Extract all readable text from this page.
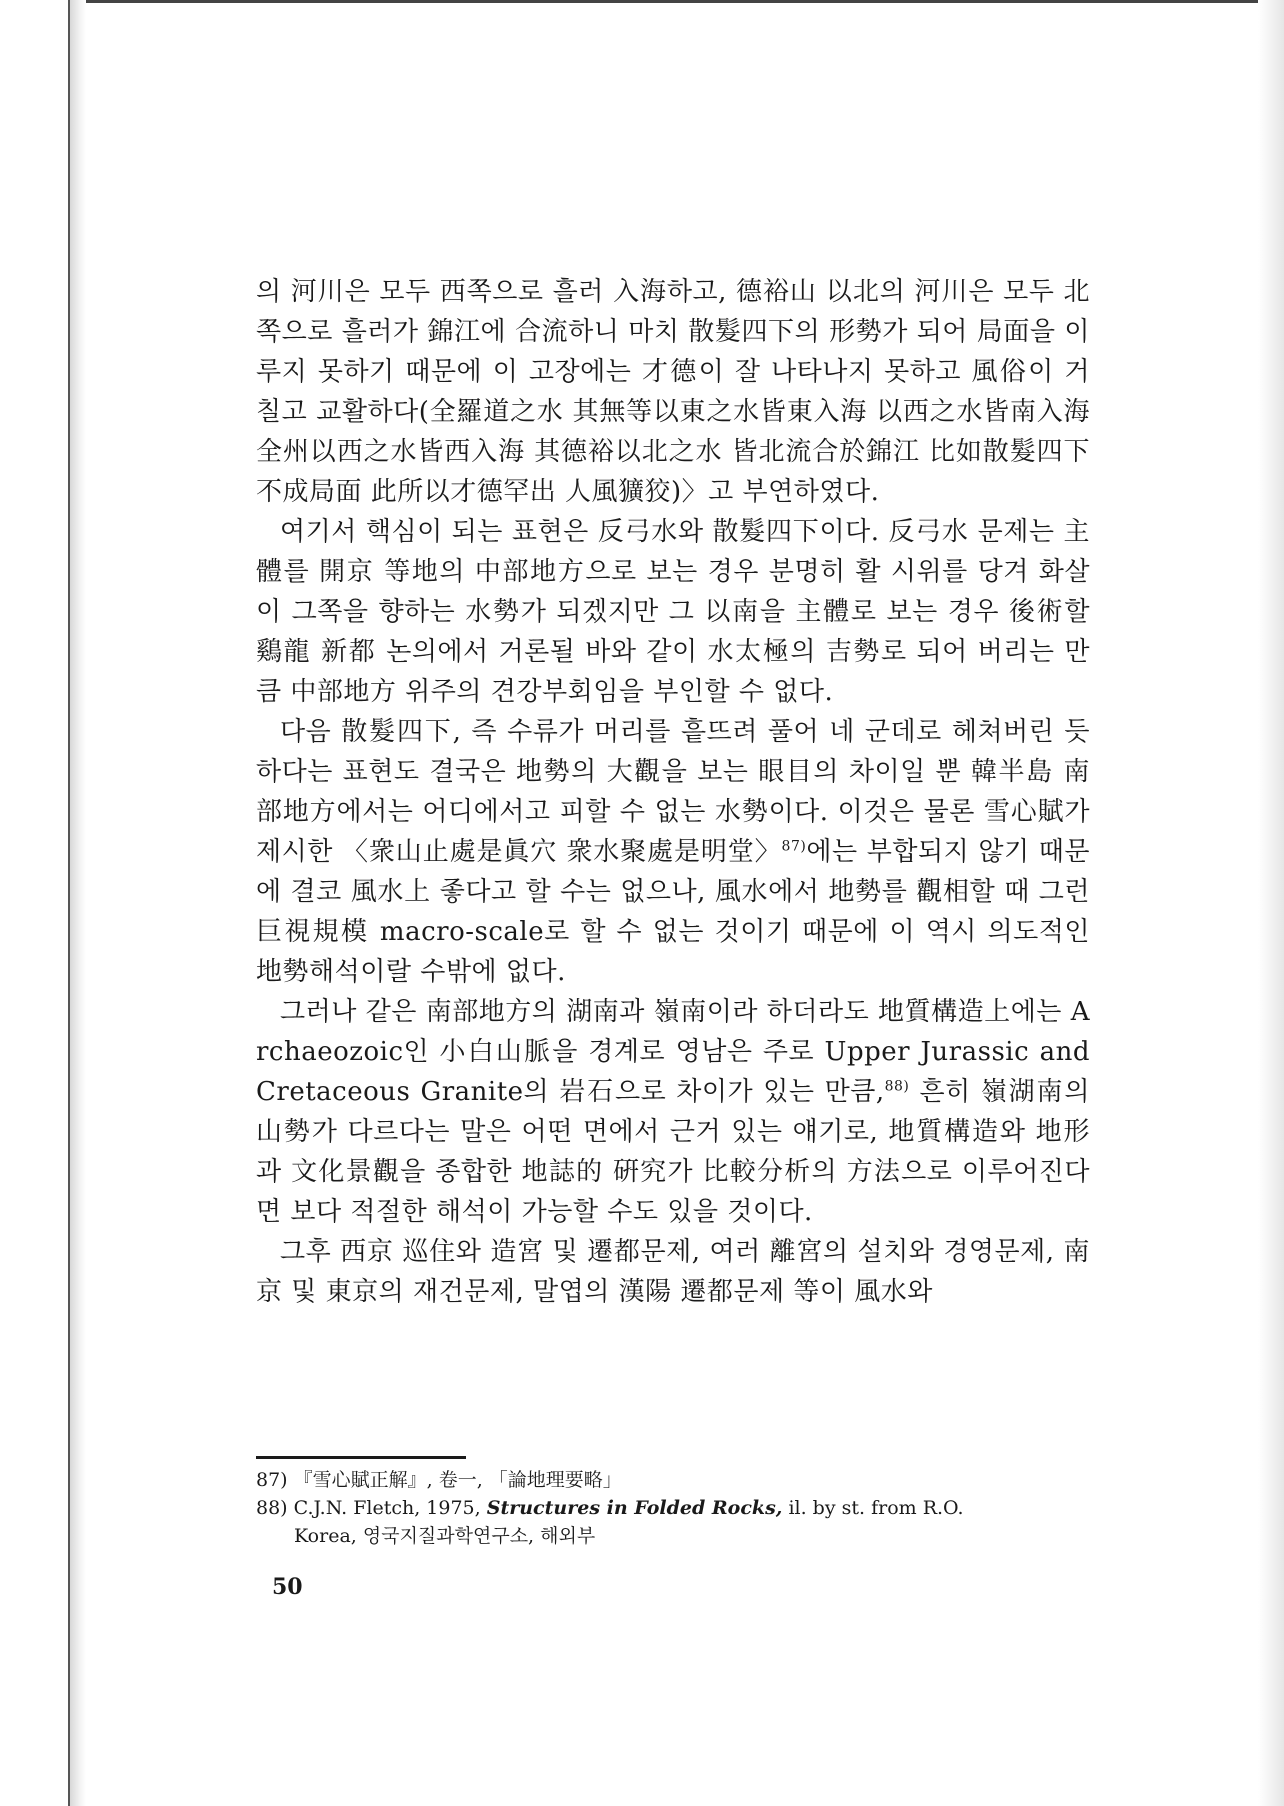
의 河川은 모두 西쪽으로 흘러 入海하고, 德裕山 以北의 河川은 모두 北쪽으로 흘러가 錦江에 合流하니 마치 散髮四下의 形勢가 되어 局面을 이루지 못하기 때문에 이 고장에는 才德이 잘 나타나지 못하고 風俗이 거칠고 교활하다(全羅道之水 其無等以東之水皆東入海 以西之水皆南入海 全州以西之水皆西入海 其德裕以北之水 皆北流合於錦江 比如散髮四下 不成局面 此所以才德罕出 人風獷狡)〉고 부연하였다.

여기서 핵심이 되는 표현은 反弓水와 散髮四下이다. 反弓水 문제는 主體를 開京 等地의 中部地方으로 보는 경우 분명히 활 시위를 당겨 화살이 그쪽을 향하는 水勢가 되겠지만 그 以南을 主體로 보는 경우 後術할 鷄龍 新都 논의에서 거론될 바와 같이 水太極의 吉勢로 되어 버리는 만큼 中部地方 위주의 견강부회임을 부인할 수 없다.

다음 散髮四下, 즉 수류가 머리를 흩뜨려 풀어 네 군데로 헤쳐버린 듯하다는 표현도 결국은 地勢의 大觀을 보는 眼目의 차이일 뿐 韓半島 南部地方에서는 어디에서고 피할 수 없는 水勢이다. 이것은 물론 雪心賦가 제시한 〈衆山止處是眞穴 衆水聚處是明堂〉$^{87)}$에는 부합되지 않기 때문에 결코 風水上 좋다고 할 수는 없으나, 風水에서 地勢를 觀相할 때 그런 巨視規模 macro-scale로 할 수 없는 것이기 때문에 이 역시 의도적인 地勢해석이랄 수밖에 없다.

그러나 같은 南部地方의 湖南과 嶺南이라 하더라도 地質構造上에는 Archaeozoic인 小白山脈을 경계로 영남은 주로 Upper Jurassic and Cretaceous Granite의 岩石으로 차이가 있는 만큼,$^{88)}$ 흔히 嶺湖南의 山勢가 다르다는 말은 어떤 면에서 근거 있는 얘기로, 地質構造와 地形과 文化景觀을 종합한 地誌的 硏究가 比較分析의 方法으로 이루어진다면 보다 적절한 해석이 가능할 수도 있을 것이다.

그후 西京 巡住와 造宮 및 遷都문제, 여러 離宮의 설치와 경영문제, 南京 및 東京의 재건문제, 말엽의 漢陽 遷都문제 等이 風水와

87) 『雪心賦正解』, 卷一, 「論地理要略」

88) C.J.N. Fletch, 1975, Structures in Folded Rocks, il. by st. from R.O.
Korea, 영국지질과학연구소, 해외부

50
